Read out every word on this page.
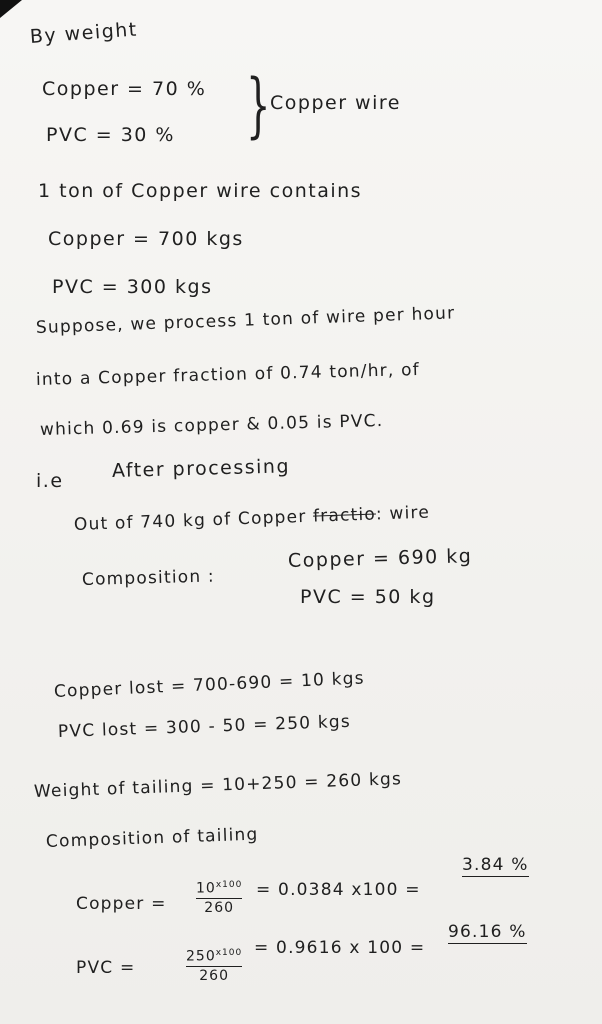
By weight
Copper = 70 %
PVC = 30 % } Copper wire
1 ton of Copper wire contains
Copper = 700 kgs
PVC = 300 kgs
Suppose, we process 1 ton of wire per hour
into a Copper fraction of 0.74 ton/hr, of
which 0.69 is copper & 0.05 is PVC.
i.e	After processing
Out of 740 kg of Copper fractio: wire
Composition :
Copper = 690 kg
PVC = 50 kg
Copper lost = 700-690 = 10 kgs
PVC lost = 300 - 50 = 250 kgs
Weight of tailing = 10+250 = 260 kgs
Composition of tailing
Copper =
$10^{x100}$
260
= 0.0384 x100 =
3.84 %
PVC =
$250^{x100}$
260
= 0.9616 x 100 =
96.16 %
